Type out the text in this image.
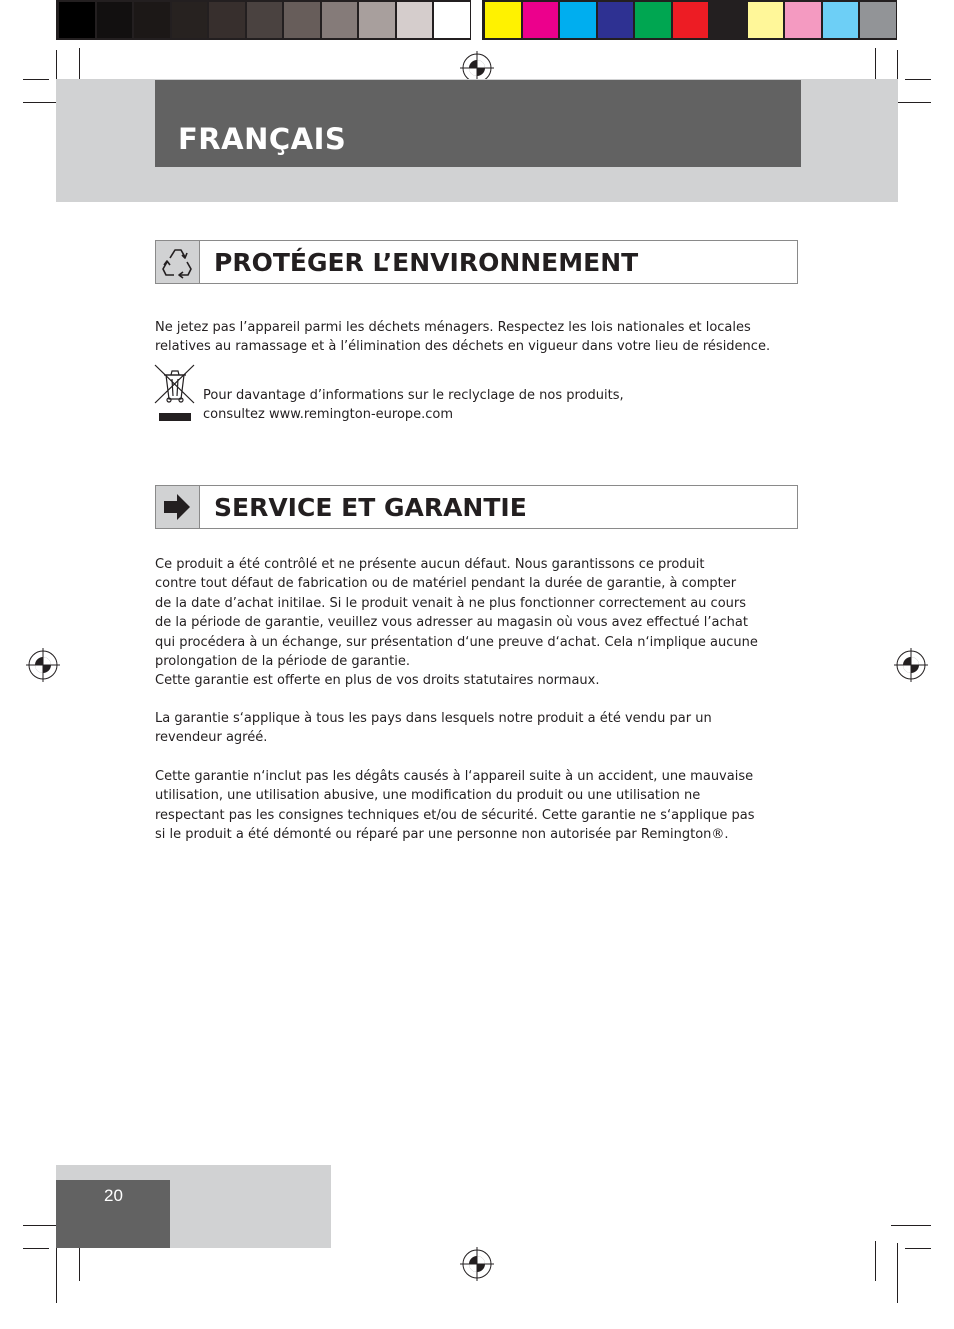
FRANÇAIS
PROTÉGER L’ENVIRONNEMENT

Ne jetez pas l’appareil parmi les déchets ménagers. Respectez les lois nationales et locales
relatives au ramassage et à l’élimination des déchets en vigueur dans votre lieu de résidence.

Pour davantage d’informations sur le reclyclage de nos produits,
consultez www.remington-europe.com

SERVICE ET GARANTIE

Ce produit a été contrôlé et ne présente aucun défaut. Nous garantissons ce produit
contre tout défaut de fabrication ou de matériel pendant la durée de garantie, à compter
de la date d’achat initilae. Si le produit venait à ne plus fonctionner correctement au cours
de la période de garantie, veuillez vous adresser au magasin où vous avez effectué l’achat
qui procédera à un échange, sur présentation d‘une preuve d‘achat. Cela n‘implique aucune
prolongation de la période de garantie.
Cette garantie est offerte en plus de vos droits statutaires normaux.

La garantie s‘applique à tous les pays dans lesquels notre produit a été vendu par un
revendeur agréé.

Cette garantie n‘inclut pas les dégâts causés à l‘appareil suite à un accident, une mauvaise
utilisation, une utilisation abusive, une modification du produit ou une utilisation ne
respectant pas les consignes techniques et/ou de sécurité. Cette garantie ne s‘applique pas
si le produit a été démonté ou réparé par une personne non autorisée par Remington®.

20
